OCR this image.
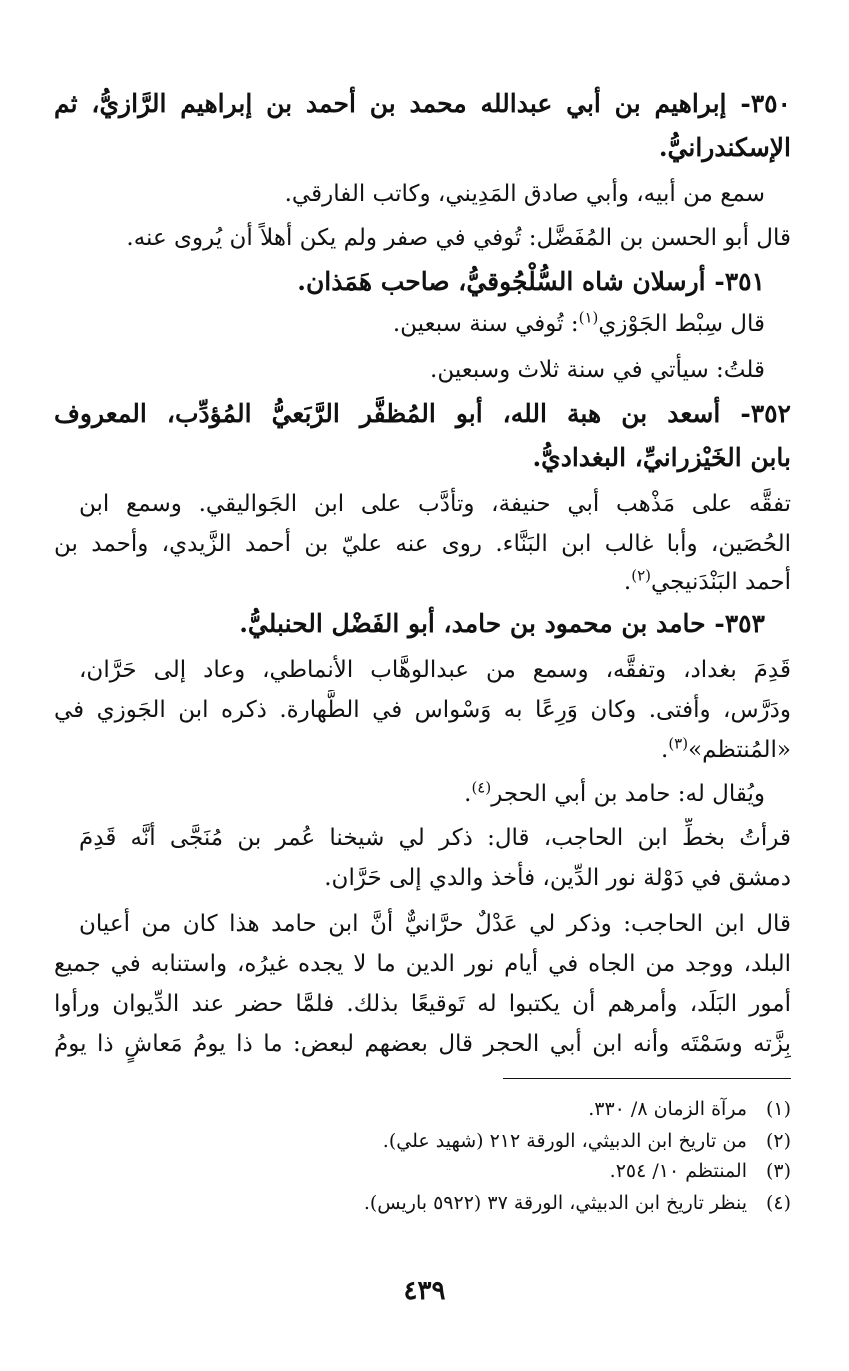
٣٥٠- إبراهيم بن أبي عبدالله محمد بن أحمد بن إبراهيم الرَّازيُّ، ثم
الإسكندرانيُّ.
سمع من أبيه، وأبي صادق المَدِيني، وكاتب الفارقي.
قال أبو الحسن بن المُفَضَّل: تُوفي في صفر ولم يكن أهلاً أن يُروى عنه.
٣٥١- أرسلان شاه السُّلْجُوقيُّ، صاحب هَمَذان.
قال سِبْط الجَوْزي$^{(١)}$: تُوفي سنة سبعين.
قلتُ: سيأتي في سنة ثلاث وسبعين.
٣٥٢- أسعد بن هبة الله، أبو المُظفَّر الرَّبَعيُّ المُؤدِّب، المعروف
بابن الخَيْزرانيِّ، البغداديُّ.
تفقَّه على مَذْهب أبي حنيفة، وتأدَّب على ابن الجَواليقي. وسمع ابن
الحُصَين، وأبا غالب ابن البَنَّاء. روى عنه عليّ بن أحمد الزَّيدي، وأحمد بن
أحمد البَنْدَنيجي$^{(٢)}$.
٣٥٣- حامد بن محمود بن حامد، أبو الفَضْل الحنبليُّ.
قَدِمَ بغداد، وتفقَّه، وسمع من عبدالوهَّاب الأنماطي، وعاد إلى حَرَّان،
ودَرَّس، وأفتى. وكان وَرِعًا به وَسْواس في الطَّهارة. ذكره ابن الجَوزي في
«المُنتظم»$^{(٣)}$.
ويُقال له: حامد بن أبي الحجر$^{(٤)}$.
قرأتُ بخطِّ ابن الحاجب، قال: ذكر لي شيخنا عُمر بن مُنَجَّى أنَّه قَدِمَ
دمشق في دَوْلة نور الدِّين، فأخذ والدي إلى حَرَّان.
قال ابن الحاجب: وذكر لي عَدْلٌ حرَّانيٌّ أنَّ ابن حامد هذا كان من أعيان
البلد، ووجد من الجاه في أيام نور الدين ما لا يجده غيرُه، واستنابه في جميع
أمور البَلَد، وأمرهم أن يكتبوا له تَوقيعًا بذلك. فلمَّا حضر عند الدِّيوان ورأوا
بِزَّته وسَمْتَه وأنه ابن أبي الحجر قال بعضهم لبعض: ما ذا يومُ مَعاشٍ ذا يومُ
(١)مرآة الزمان ٨/ ٣٣٠.
(٢)من تاريخ ابن الدبيثي، الورقة ٢١٢ (شهيد علي).
(٣)المنتظم ١٠/ ٢٥٤.
(٤)ينظر تاريخ ابن الدبيثي، الورقة ٣٧ (٥٩٢٢ باريس).
٤٣٩
